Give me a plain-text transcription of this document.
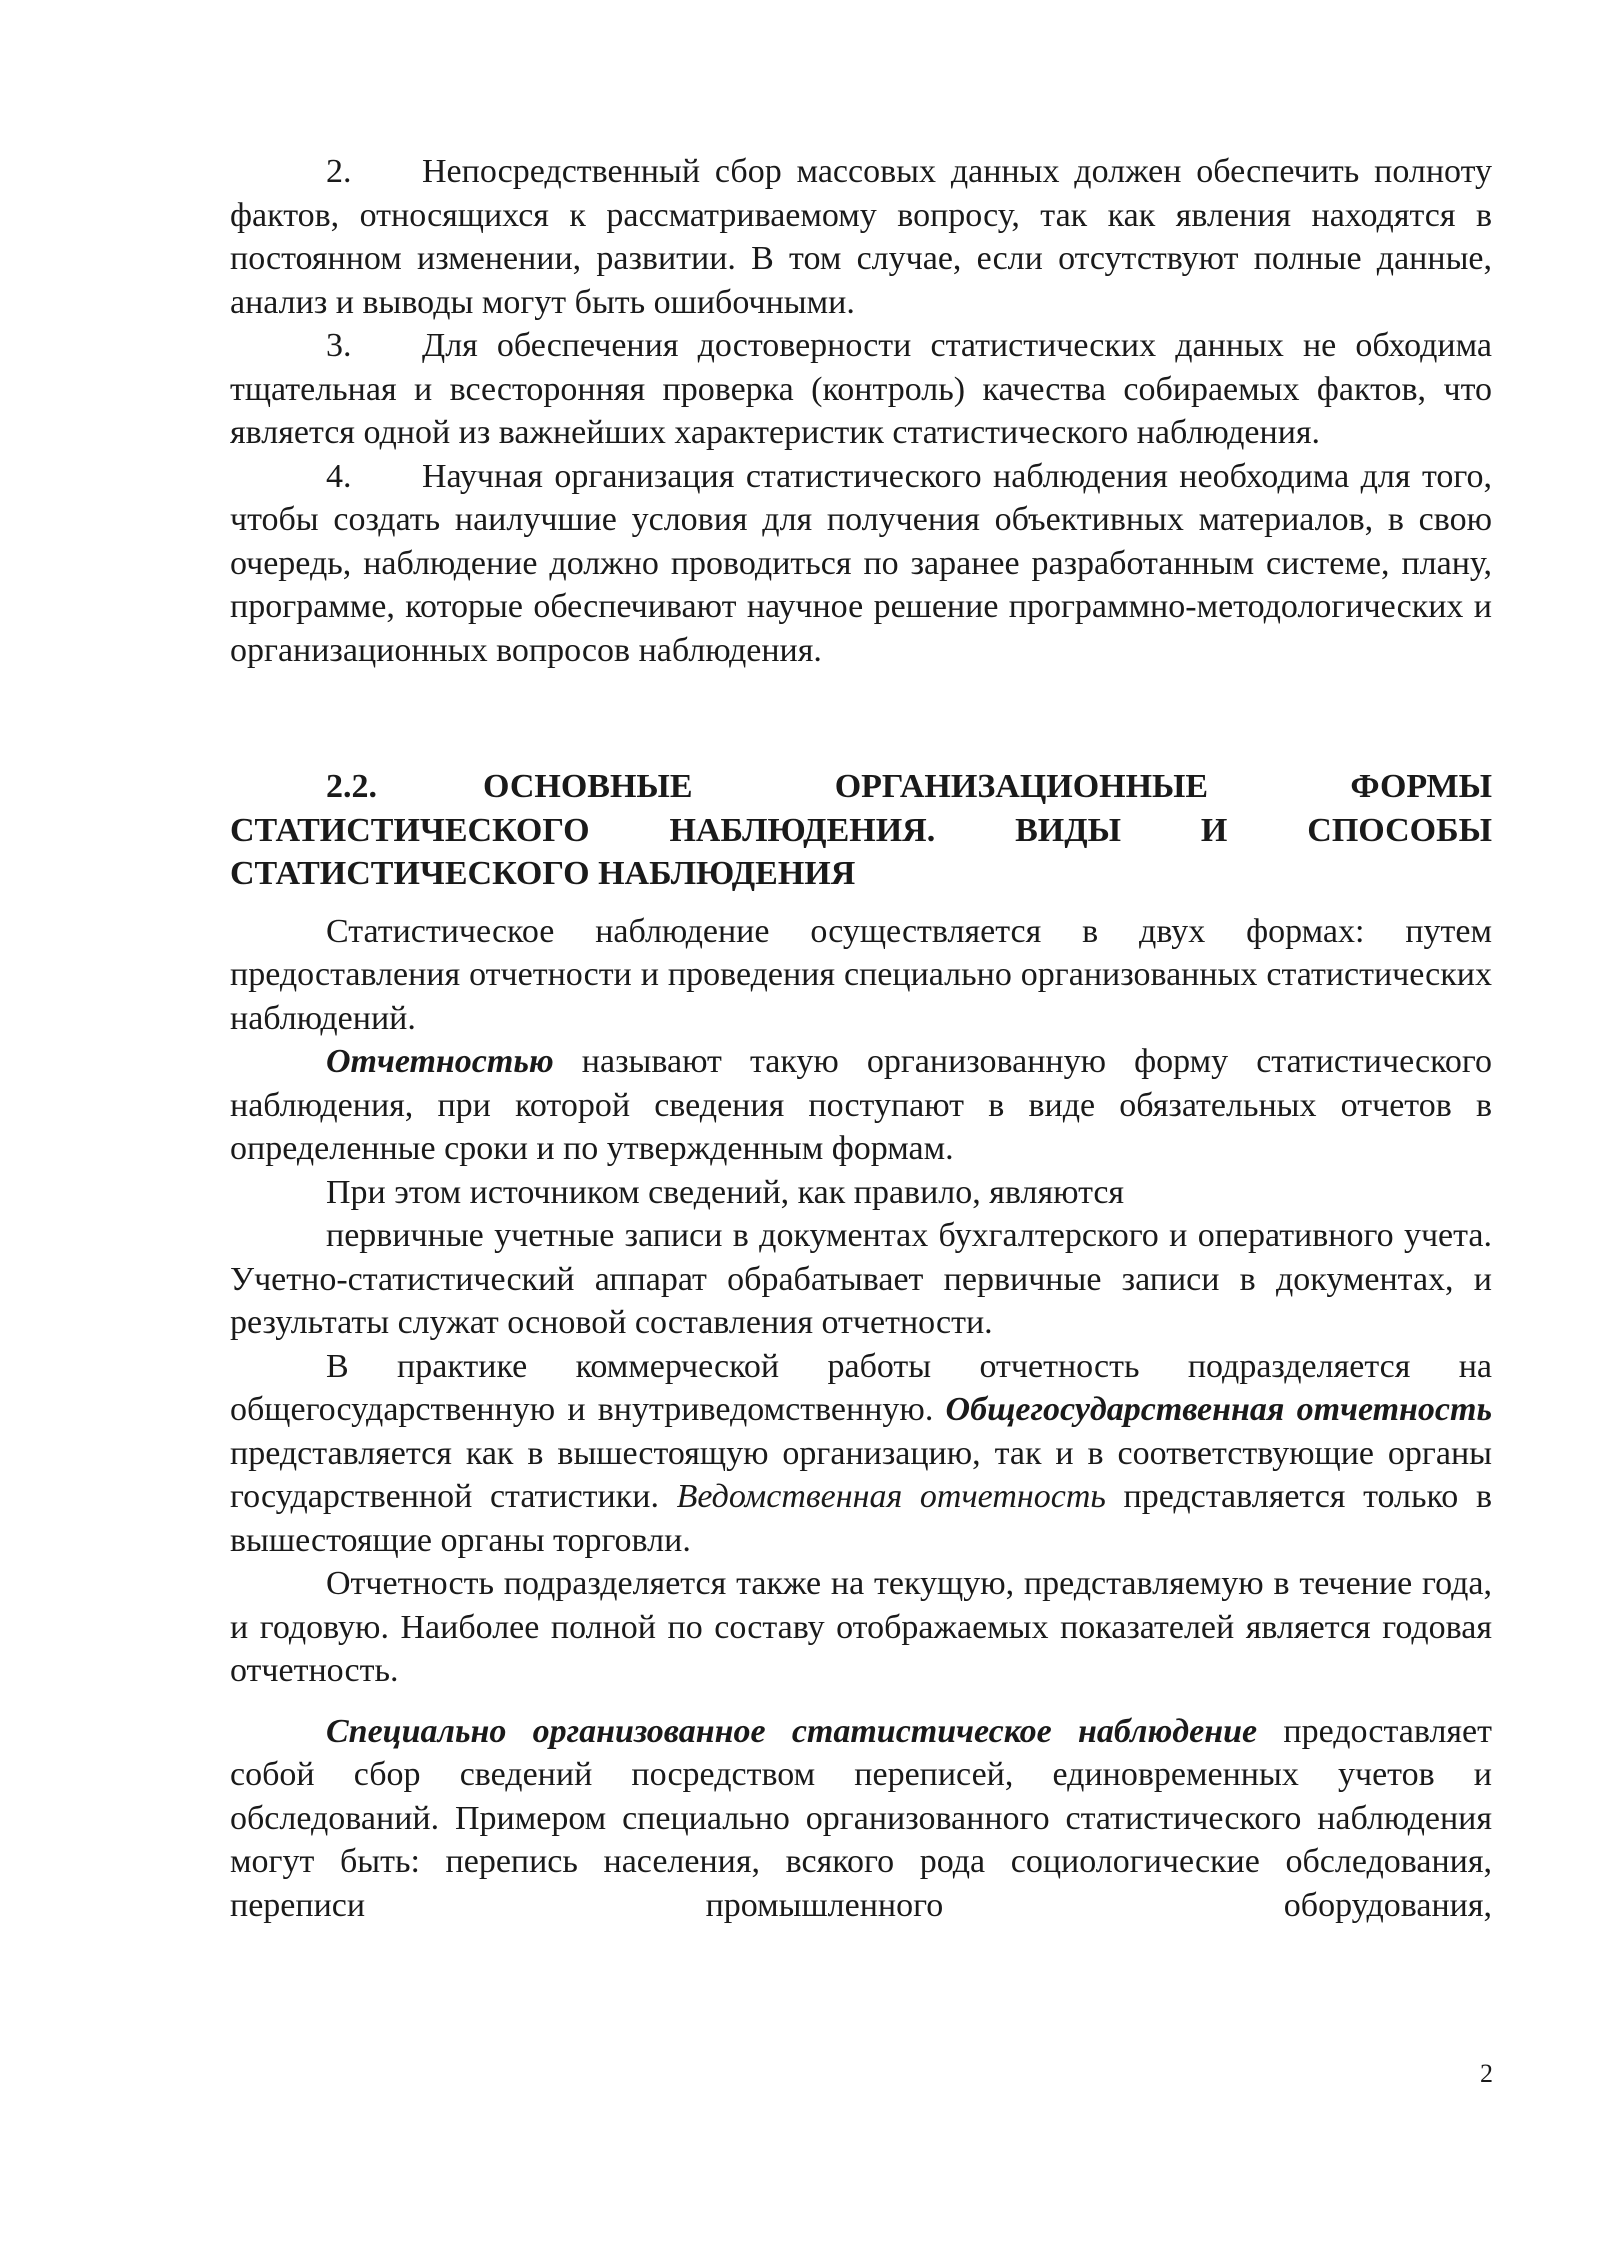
2. Непосредственный сбор массовых данных должен обеспечить полноту фактов, относящихся к рассматриваемому вопросу, так как явления находятся в постоянном изменении, развитии. В том случае, если отсутствуют полные данные, анализ и выводы могут быть ошибочными.

3. Для обеспечения достоверности статистических данных не обходима тщательная и всесторонняя проверка (контроль) качества собираемых фактов, что является одной из важнейших характеристик статистического наблюдения.

4. Научная организация статистического наблюдения необходима для того, чтобы создать наилучшие условия для получения объективных материалов, в свою очередь, наблюдение должно проводиться по заранее разработанным системе, плану, программе, которые обеспечивают научное решение программно-методологических и организационных вопросов наблюдения.

2.2.	ОСНОВНЫЕ ОРГАНИЗАЦИОННЫЕ ФОРМЫ СТАТИСТИЧЕСКОГО НАБЛЮДЕНИЯ. ВИДЫ И СПОСОБЫ СТАТИСТИЧЕСКОГО НАБЛЮДЕНИЯ

Статистическое наблюдение осуществляется в двух формах: путем предоставления отчетности и проведения специально организованных статистических наблюдений.

Отчетностью называют такую организованную форму статистического наблюдения, при которой сведения поступают в виде обязательных отчетов в определенные сроки и по утвержденным формам.

При этом источником сведений, как правило, являются

первичные учетные записи в документах бухгалтерского и оперативного учета. Учетно-статистический аппарат обрабатывает первичные записи в документах, и результаты служат основой составления отчетности.

В практике коммерческой работы отчетность подразделяется на общегосударственную и внутриведомственную. Общегосударственная отчетность представляется как в вышестоящую организацию, так и в соответствующие органы государственной статистики. Ведомственная отчетность представляется только в вышестоящие органы торговли.

Отчетность подразделяется также на текущую, представляемую в течение года, и годовую. Наиболее полной по составу отображаемых показателей является годовая отчетность.

Специально организованное статистическое наблюдение предоставляет собой сбор сведений посредством переписей, единовременных учетов и обследований. Примером специально организованного статистического наблюдения могут быть: перепись населения, всякого рода социологические обследования, переписи промышленного оборудования,

2
